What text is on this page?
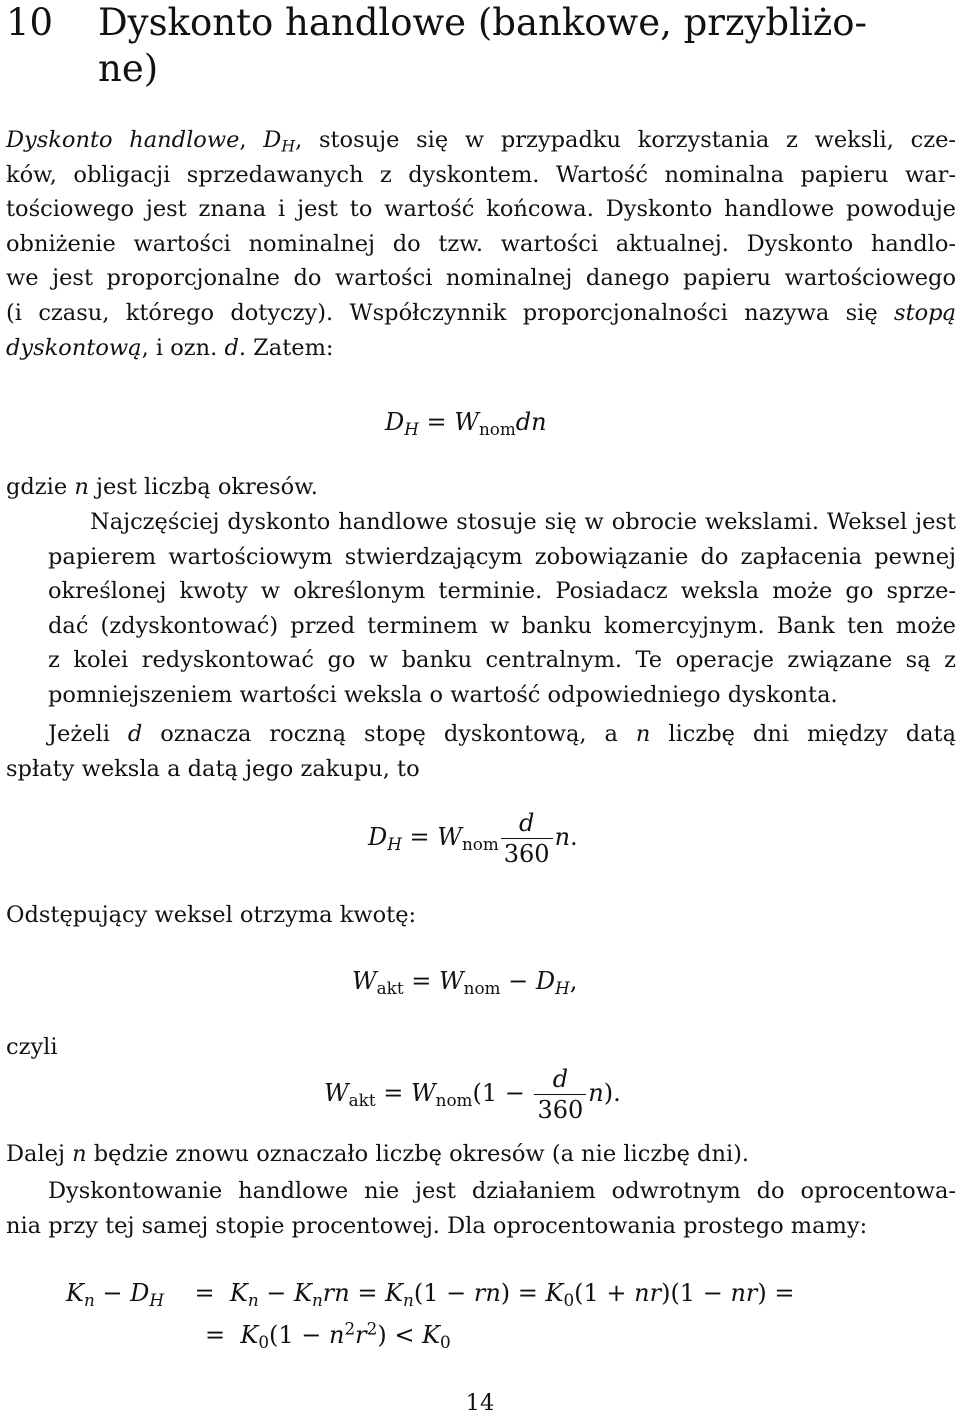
10 Dyskonto handlowe (bankowe, przybliżo-
ne)
Dyskonto handlowe, $D_H$, stosuje się w przypadku korzystania z weksli, cze-
ków, obligacji sprzedawanych z dyskontem. Wartość nominalna papieru war-
tościowego jest znana i jest to wartość końcowa. Dyskonto handlowe powoduje
obniżenie wartości nominalnej do tzw. wartości aktualnej. Dyskonto handlo-
we jest proporcjonalne do wartości nominalnej danego papieru wartościowego
(i czasu, którego dotyczy). Współczynnik proporcjonalności nazywa się stopą
dyskontową, i ozn. d. Zatem:
$D_H = W_{nom}dn$
gdzie n jest liczbą okresów.
Najczęściej dyskonto handlowe stosuje się w obrocie wekslami. Weksel jest
papierem wartościowym stwierdzającym zobowiązanie do zapłacenia pewnej
określonej kwoty w określonym terminie. Posiadacz weksla może go sprze-
dać (zdyskontować) przed terminem w banku komercyjnym. Bank ten może
z kolei redyskontować go w banku centralnym. Te operacje związane są z
pomniejszeniem wartości weksla o wartość odpowiedniego dyskonta.
Jeżeli d oznacza roczną stopę dyskontową, a n liczbę dni między datą
spłaty weksla a datą jego zakupu, to
$D_H = W_{nom} \frac{d}{360} n$.
Odstępujący weksel otrzyma kwotę:
$W_{akt} = W_{nom} - D_H$,
czyli
$W_{akt} = W_{nom}(1 - \frac{d}{360} n)$.
Dalej n będzie znowu oznaczało liczbę okresów (a nie liczbę dni).
Dyskontowanie handlowe nie jest działaniem odwrotnym do oprocentowa-
nia przy tej samej stopie procentowej. Dla oprocentowania prostego mamy:
$K_n - D_H$    =  $K_n - K_nrn = K_n(1 - rn) = K_0(1 + nr)(1 - nr)$ =
=  $K_0(1 - n^2r^2) < K_0$
14
